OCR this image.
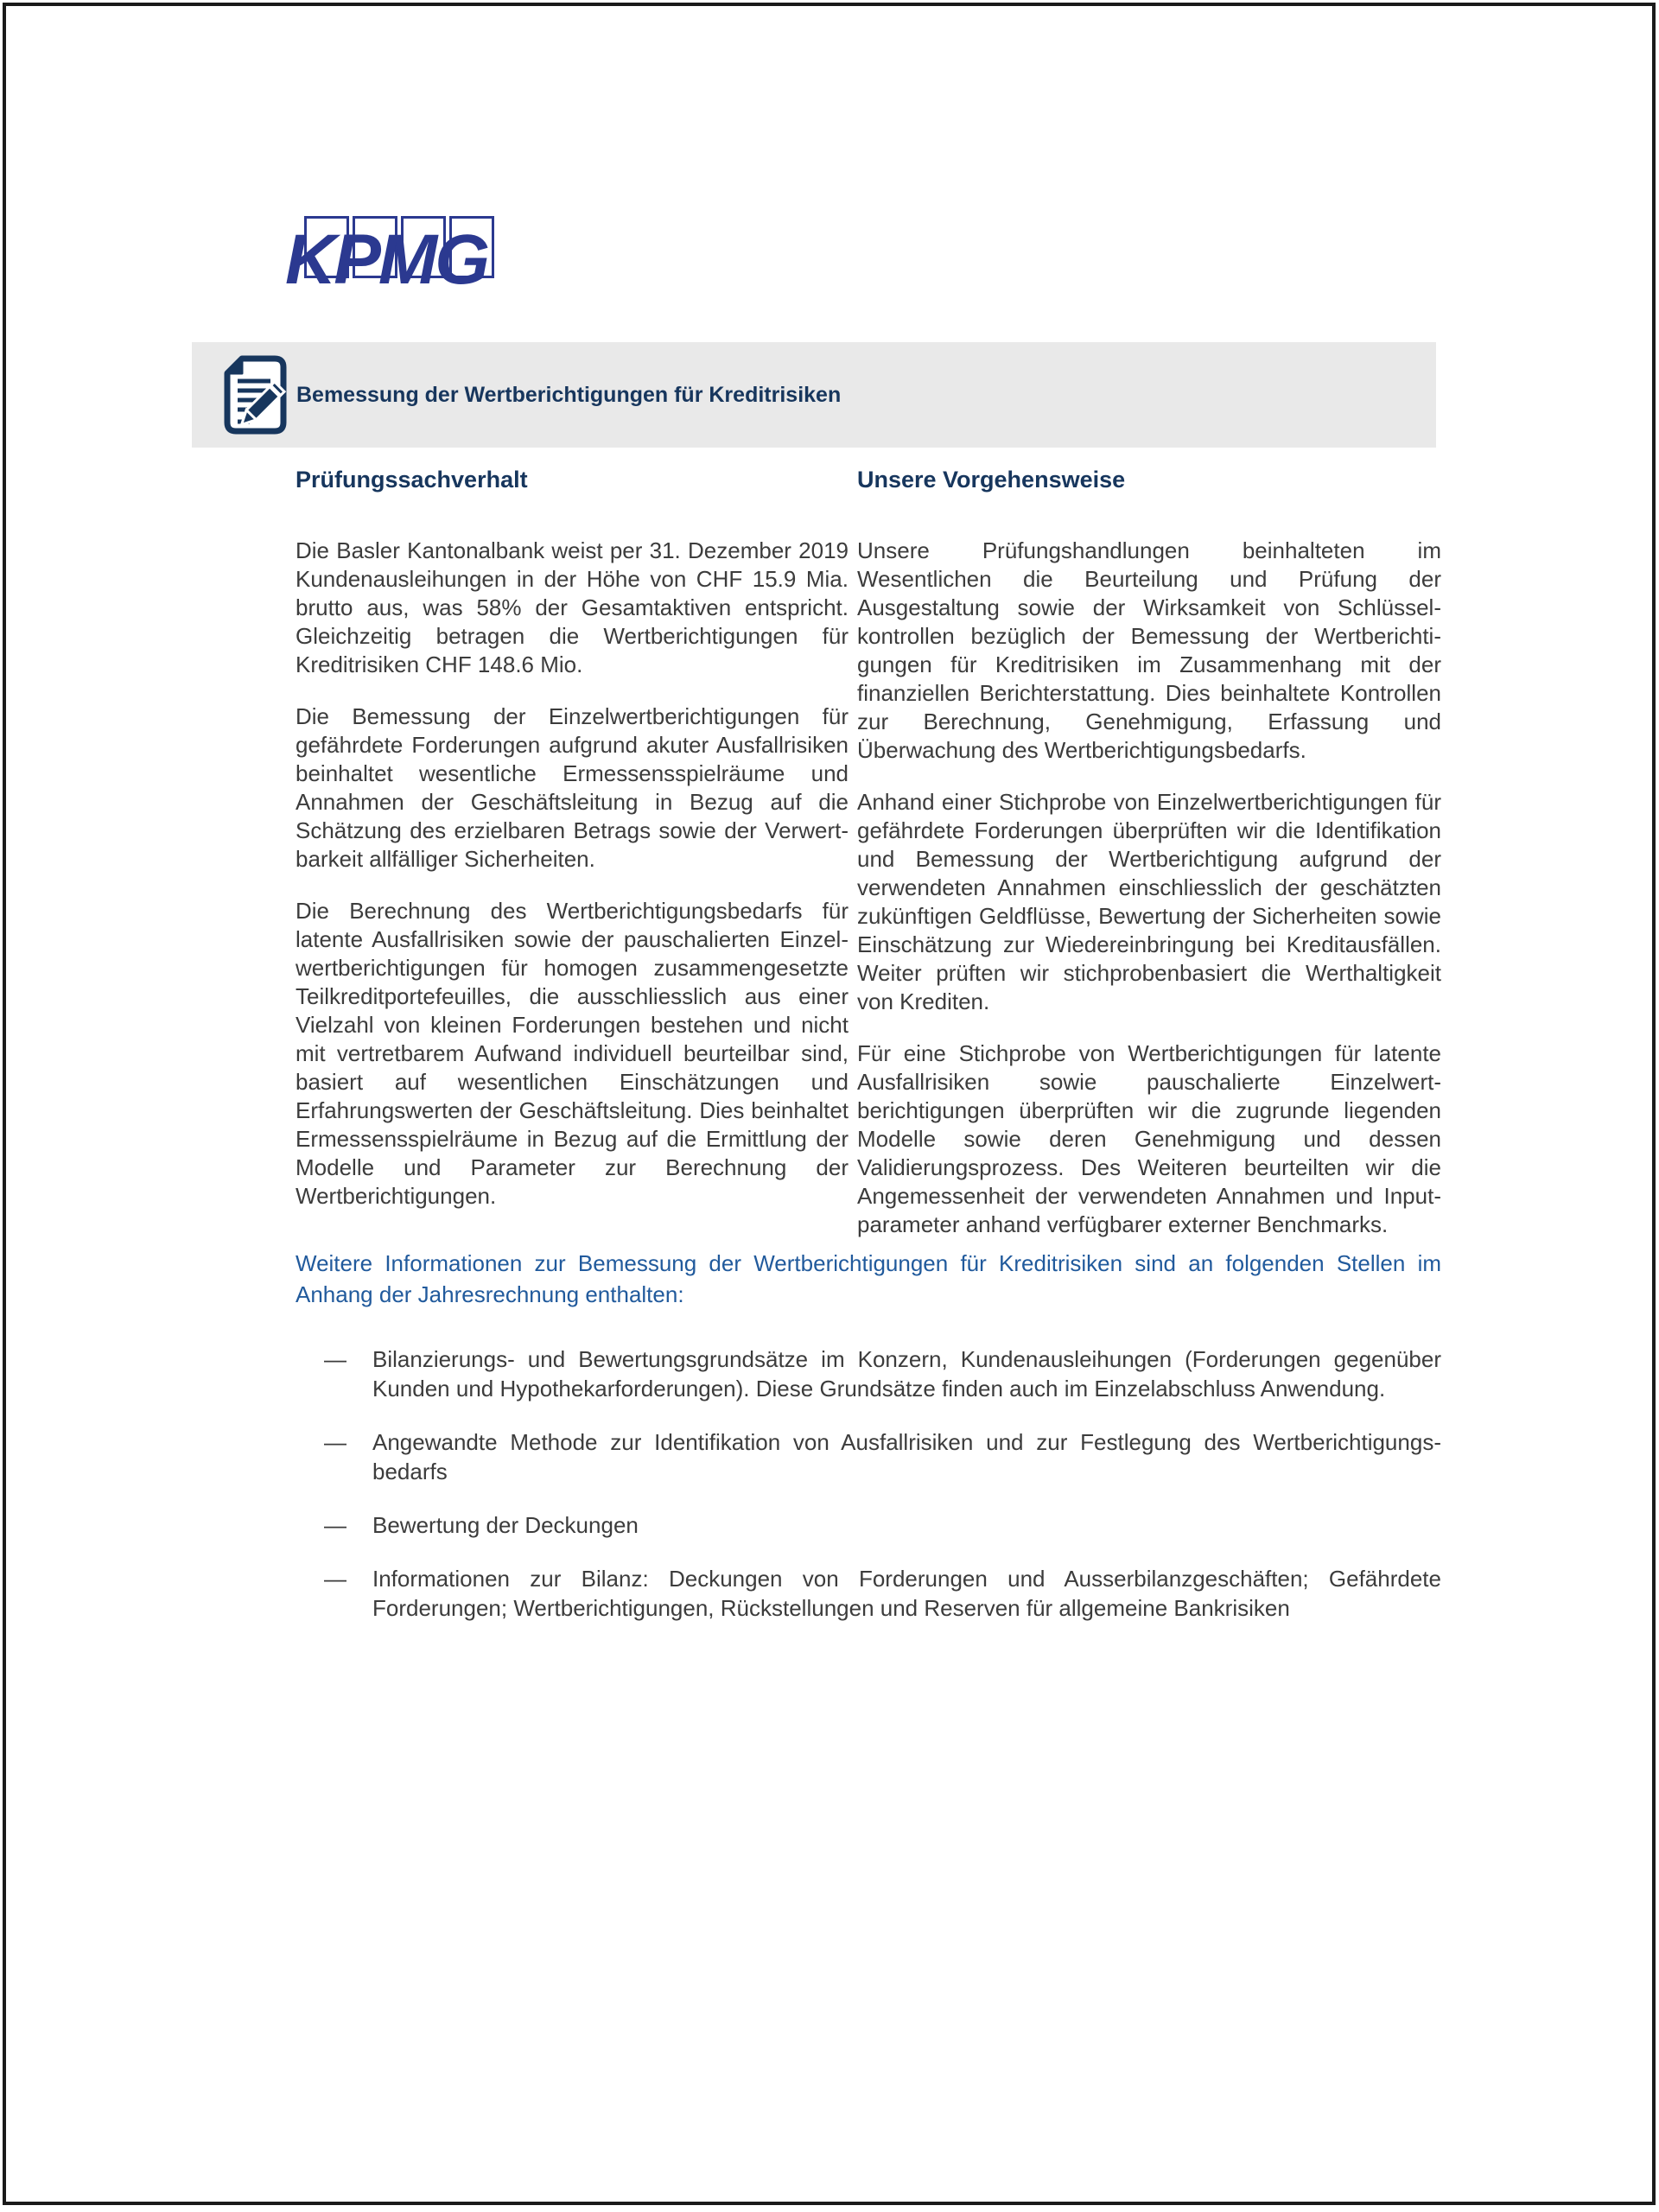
KPMG
Bemessung der Wertberichtigungen für Kreditrisiken
Prüfungssachverhalt

Die Basler Kantonalbank weist per 31. Dezember 2019 Kundenausleihungen in der Höhe von CHF 15.9 Mia. brutto aus, was 58% der Gesamtaktiven entspricht. Gleichzeitig betragen die Wertberichtigungen für Kreditrisiken CHF 148.6 Mio.

Die Bemessung der Einzelwertberichtigungen für gefährdete Forderungen aufgrund akuter Ausfallrisiken beinhaltet wesentliche Ermessensspielräume und Annahmen der Geschäftsleitung in Bezug auf die Schätzung des erzielbaren Betrags sowie der Verwertbarkeit allfälliger Sicherheiten.

Die Berechnung des Wertberichtigungsbedarfs für latente Ausfallrisiken sowie der pauschalierten Einzelwertberichtigungen für homogen zusammengesetzte Teilkreditportefeuilles, die ausschliesslich aus einer Vielzahl von kleinen Forderungen bestehen und nicht mit vertretbarem Aufwand individuell beurteilbar sind, basiert auf wesentlichen Einschätzungen und Erfahrungswerten der Geschäftsleitung. Dies beinhaltet Ermessensspielräume in Bezug auf die Ermittlung der Modelle und Parameter zur Berechnung der Wertberichtigungen.

Unsere Vorgehensweise

Unsere Prüfungshandlungen beinhalteten im Wesentlichen die Beurteilung und Prüfung der Ausgestaltung sowie der Wirksamkeit von Schlüsselkontrollen bezüglich der Bemessung der Wertberichtigungen für Kreditrisiken im Zusammenhang mit der finanziellen Berichterstattung. Dies beinhaltete Kontrollen zur Berechnung, Genehmigung, Erfassung und Überwachung des Wertberichtigungsbedarfs.

Anhand einer Stichprobe von Einzelwertberichtigungen für gefährdete Forderungen überprüften wir die Identifikation und Bemessung der Wertberichtigung aufgrund der verwendeten Annahmen einschliesslich der geschätzten zukünftigen Geldflüsse, Bewertung der Sicherheiten sowie Einschätzung zur Wiedereinbringung bei Kreditausfällen. Weiter prüften wir stichprobenbasiert die Werthaltigkeit von Krediten.

Für eine Stichprobe von Wertberichtigungen für latente Ausfallrisiken sowie pauschalierte Einzelwertberichtigungen überprüften wir die zugrunde liegenden Modelle sowie deren Genehmigung und dessen Validierungsprozess. Des Weiteren beurteilten wir die Angemessenheit der verwendeten Annahmen und Inputparameter anhand verfügbarer externer Benchmarks.

Weitere Informationen zur Bemessung der Wertberichtigungen für Kreditrisiken sind an folgenden Stellen im Anhang der Jahresrechnung enthalten:
— Bilanzierungs- und Bewertungsgrundsätze im Konzern, Kundenausleihungen (Forderungen gegenüber Kunden und Hypothekarforderungen). Diese Grundsätze finden auch im Einzelabschluss Anwendung.
— Angewandte Methode zur Identifikation von Ausfallrisiken und zur Festlegung des Wertberichtigungsbedarfs
— Bewertung der Deckungen
— Informationen zur Bilanz: Deckungen von Forderungen und Ausserbilanzgeschäften; Gefährdete Forderungen; Wertberichtigungen, Rückstellungen und Reserven für allgemeine Bankrisiken
